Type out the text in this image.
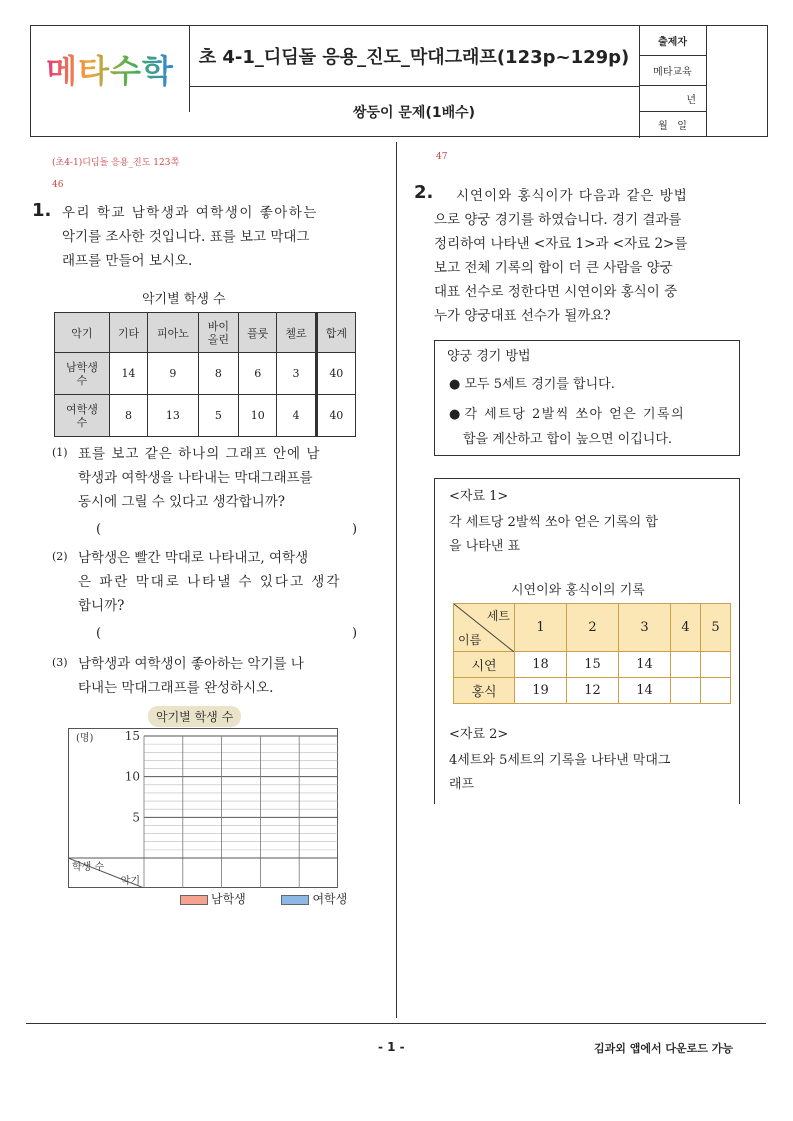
메타수학	초 4-1_디딤돌 응용_진도_막대그래프(123p~129p)
쌍둥이 문제(1배수)
출제자
메타교육
년
월   일
(초4-1)디딤돌 응용_진도 123쪽
46
1. 우리 학교 남학생과 여학생이 좋아하는
악기를 조사한 것입니다. 표를 보고 막대그
래프를 만들어 보시오.
악기별 학생 수
악기	기타	피아노	바이
올린	플룻	첼로	합계
남학생
수	14	9	8	6	3	40
여학생
수	8	13	5	10	4	40
(1) 표를 보고 같은 하나의 그래프 안에 남
학생과 여학생을 나타내는 막대그래프를
동시에 그릴 수 있다고 생각합니까?
(	)
(2) 남학생은 빨간 막대로 나타내고, 여학생
은 파란 막대로 나타낼 수 있다고 생각
합니까?
(	)
(3) 남학생과 여학생이 좋아하는 악기를 나
타내는 막대그래프를 완성하시오.
악기별 학생 수
15
10
5
(명)
학생 수
악기
남학생	여학생
47
2.	시연이와 홍식이가 다음과 같은 방법
으로 양궁 경기를 하였습니다. 경기 결과를
정리하여 나타낸 <자료 1>과 <자료 2>를
보고 전체 기록의 합이 더 큰 사람을 양궁
대표 선수로 정한다면 시연이와 홍식이 중
누가 양궁대표 선수가 될까요?
양궁 경기 방법
● 모두 5세트 경기를 합니다.
● 각 세트당 2발씩 쏘아 얻은 기록의
합을 계산하고 합이 높으면 이깁니다.
<자료 1>
각 세트당 2발씩 쏘아 얻은 기록의 합
을 나타낸 표
시연이와 홍식이의 기록
세트
이름	1	2	3	4	5
시연	18	15	14		
홍식	19	12	14		
<자료 2>
4세트와 5세트의 기록을 나타낸 막대그
래프
- 1 -	김과외 앱에서 다운로드 가능
